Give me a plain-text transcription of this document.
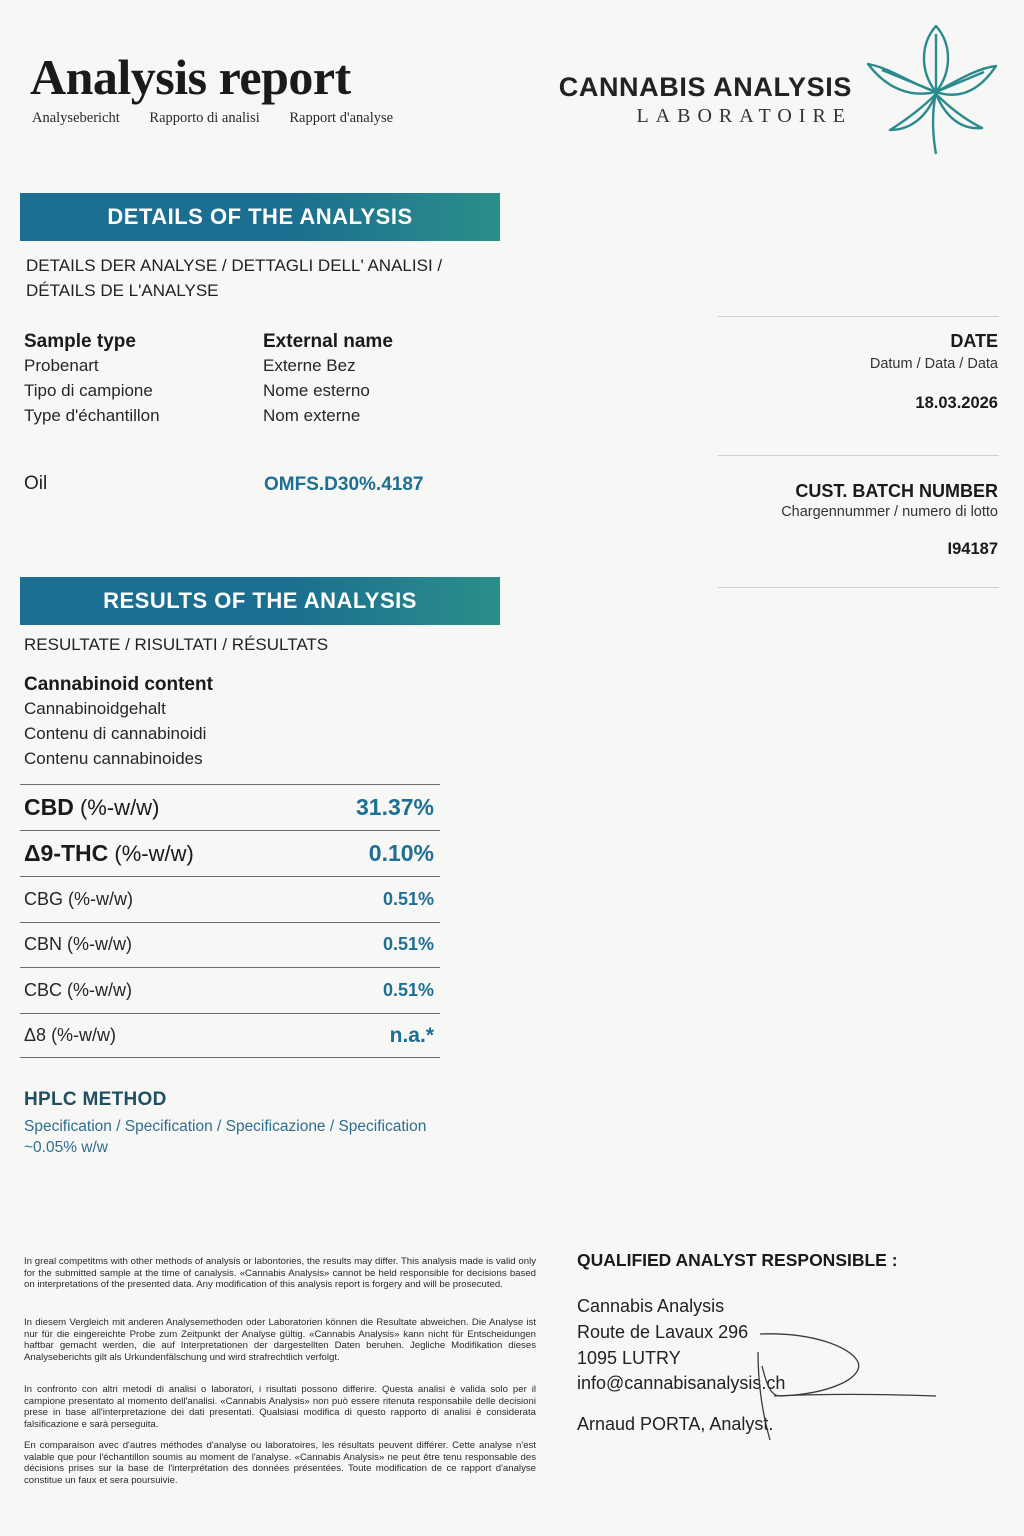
Analysis report
Analysebericht Rapporto di analisi Rapport d'analyse
CANNABIS ANALYSIS
LABORATOIRE
DETAILS OF THE ANALYSIS
DETAILS DER ANALYSE / DETTAGLI DELL' ANALISI /
DÉTAILS DE L'ANALYSE
Sample type
Probenart
Tipo di campione
Type d'échantillon
Oil
External name
Externe Bez
Nome esterno
Nom externe
OMFS.D30%.4187
DATE
Datum / Data / Data
18.03.2026
CUST. BATCH NUMBER
Chargennummer / numero di lotto
I94187
RESULTS OF THE ANALYSIS
RESULTATE / RISULTATI / RÉSULTATS
Cannabinoid content
Cannabinoidgehalt
Contenu di cannabinoidi
Contenu cannabinoides
CBD (%-w/w)	31.37%
Δ9-THC (%-w/w)	0.10%
CBG (%-w/w)	0.51%
CBN (%-w/w)	0.51%
CBC (%-w/w)	0.51%
Δ8 (%-w/w)	n.a.*
HPLC METHOD
Specification / Specification / Specificazione / Specification
~0.05% w/w
In greal competitms with other methods of analysis or labontories, the results may differ. This analysis made is valid only for the submitted sample at the time of canalysis. «Cannabis Analysis» cannot be held responsible for decisions based on interpretations of the presented data. Any modification of this analysis report is forgery and will be prosecuted.
In diesem Vergleich mit anderen Analysemethoden oder Laboratorien können die Resultate abweichen. Die Analyse ist nur für die eingereichte Probe zum Zeitpunkt der Analyse gültig. «Cannabis Analysis» kann nicht für Entscheidungen haftbar gemacht werden, die auf Interpretationen der dargestellten Daten beruhen. Jegliche Modifikation dieses Analyseberichts gilt als Urkundenfälschung und wird strafrechtlich verfolgt.
In confronto con altri metodi di analisi o laboratori, i risultati possono differire. Questa analisi è valida solo per il campione presentato al momento dell'analisi. «Cannabis Analysis» non può essere ritenuta responsabile delle decisioni prese in base all'interpretazione dei dati presentati. Qualsiasi modifica di questo rapporto di analisi è considerata falsificazione e sarà perseguita.
En comparaison avec d'autres méthodes d'analyse ou laboratoires, les résultats peuvent différer. Cette analyse n'est valable que pour l'échantillon soumis au moment de l'analyse. «Cannabis Analysis» ne peut être tenu responsable des décisions prises sur la base de l'interprétation des données présentées. Toute modification de ce rapport d'analyse constitue un faux et sera poursuivie.
QUALIFIED ANALYST RESPONSIBLE :
Cannabis Analysis
Route de Lavaux 296
1095 LUTRY
info@cannabisanalysis.ch
Arnaud PORTA, Analyst.
